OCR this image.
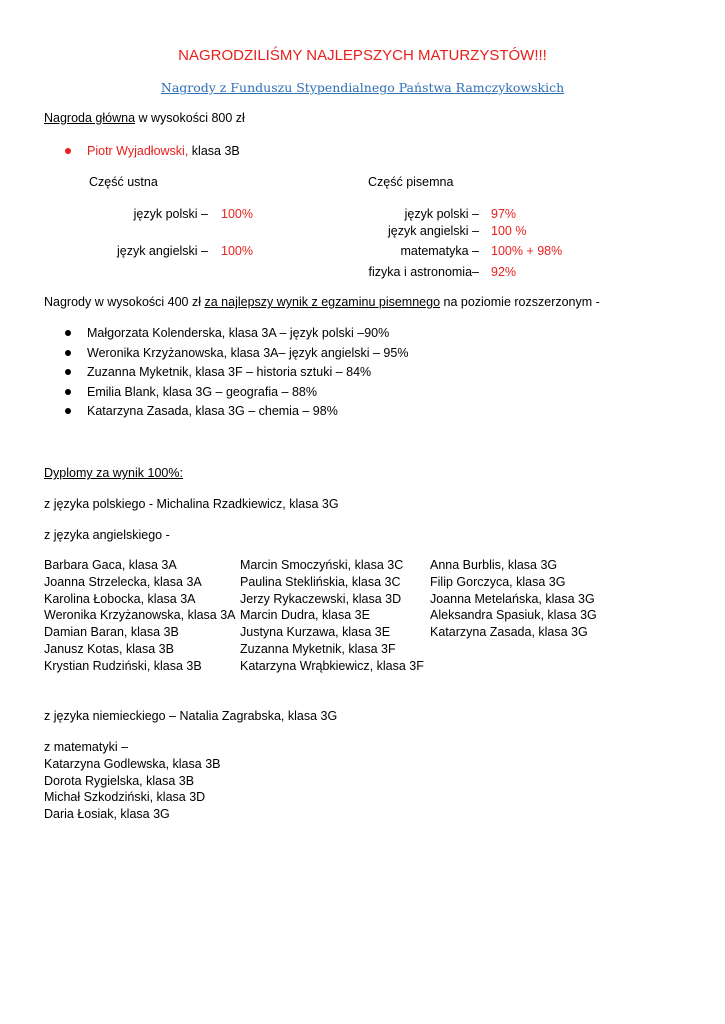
NAGRODZILIŚMY NAJLEPSZYCH MATURZYSTÓW!!!
Nagrody z Funduszu Stypendialnego Państwa Ramczykowskich
Nagroda główna w wysokości 800 zł
Piotr Wyjadłowski, klasa 3B
Część ustna	Część pisemna
język polski – 100%
język angielski – 100%
język polski – 97%
język angielski – 100 %
matematyka – 100% + 98%
fizyka i astronomia– 92%
Nagrody w wysokości 400 zł za najlepszy wynik z egzaminu pisemnego na poziomie rozszerzonym -
Małgorzata Kolenderska, klasa 3A – język polski –90%
Weronika Krzyżanowska, klasa 3A– język angielski – 95%
Zuzanna Myketnik, klasa 3F – historia sztuki – 84%
Emilia Blank, klasa 3G – geografia – 88%
Katarzyna Zasada, klasa 3G – chemia – 98%
Dyplomy za wynik 100%:
z języka polskiego - Michalina Rzadkiewicz, klasa 3G
z języka angielskiego -
Barbara Gaca, klasa 3A
Joanna Strzelecka, klasa 3A
Karolina Łobocka, klasa 3A
Weronika Krzyżanowska, klasa 3A
Damian Baran, klasa 3B
Janusz Kotas, klasa 3B
Krystian Rudziński, klasa 3B
Marcin Smoczyński, klasa 3C
Paulina Steklińskia, klasa 3C
Jerzy Rykaczewski, klasa 3D
Marcin Dudra, klasa 3E
Justyna Kurzawa, klasa 3E
Zuzanna Myketnik, klasa 3F
Katarzyna Wrąbkiewicz, klasa 3F
Anna Burblis, klasa 3G
Filip Gorczyca, klasa 3G
Joanna Metelańska, klasa 3G
Aleksandra Spasiuk, klasa 3G
Katarzyna Zasada, klasa 3G
z języka niemieckiego – Natalia Zagrabska, klasa 3G
z matematyki –
Katarzyna Godlewska, klasa 3B
Dorota Rygielska, klasa 3B
Michał Szkodziński, klasa 3D
Daria Łosiak, klasa 3G
